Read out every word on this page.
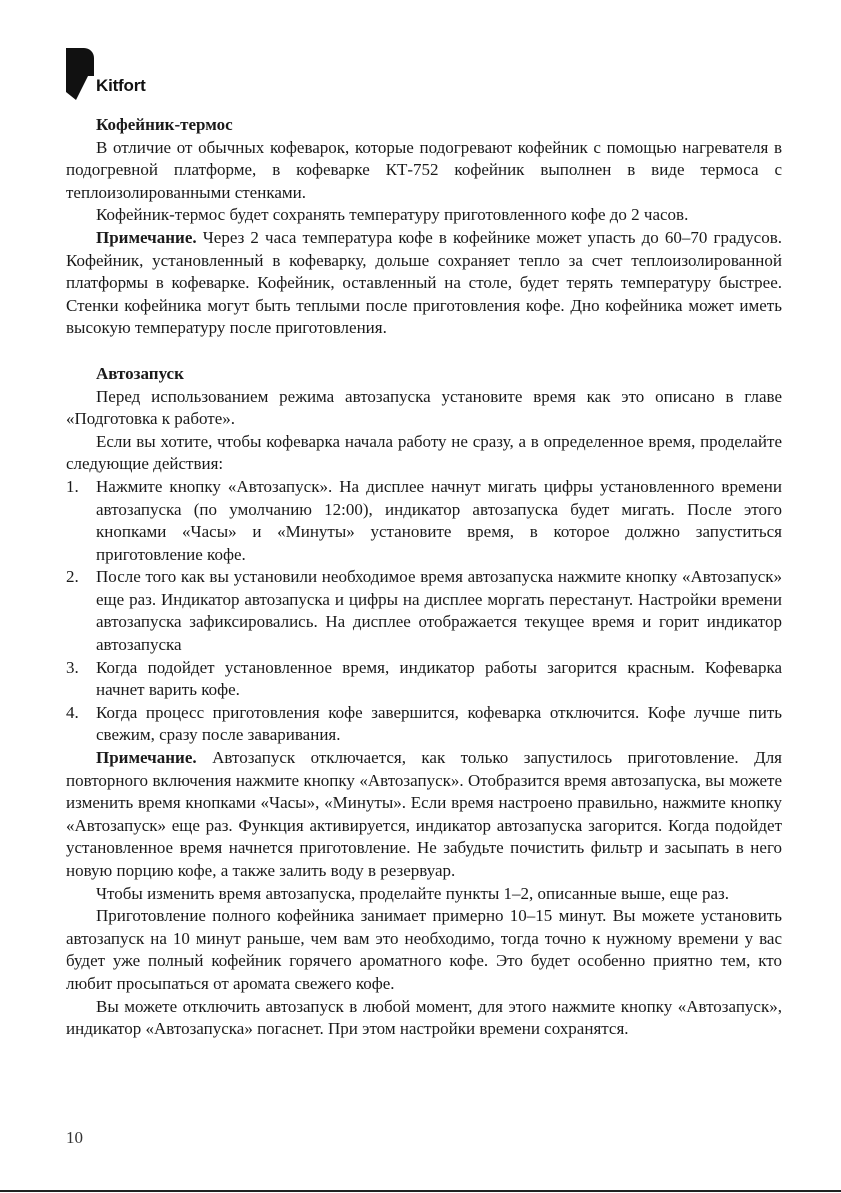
Kitfort

Кофейник-термос

В отличие от обычных кофеварок, которые подогревают кофейник с помощью нагревателя в подогревной платформе, в кофеварке КТ-752 кофейник выполнен в виде термоса с теплоизолированными стенками.

Кофейник-термос будет сохранять температуру приготовленного кофе до 2 часов.

Примечание. Через 2 часа температура кофе в кофейнике может упасть до 60–70 градусов. Кофейник, установленный в кофеварку, дольше сохраняет тепло за счет теплоизолированной платформы в кофеварке. Кофейник, оставленный на столе, будет терять температуру быстрее. Стенки кофейника могут быть теплыми после приготовления кофе. Дно кофейника может иметь высокую температуру после приготовления.

Автозапуск

Перед использованием режима автозапуска установите время как это описано в главе «Подготовка к работе».

Если вы хотите, чтобы кофеварка начала работу не сразу, а в определенное время, проделайте следующие действия:

1. Нажмите кнопку «Автозапуск». На дисплее начнут мигать цифры установленного времени автозапуска (по умолчанию 12:00), индикатор автозапуска будет мигать. После этого кнопками «Часы» и «Минуты» установите время, в которое должно запуститься приготовление кофе.
2. После того как вы установили необходимое время автозапуска нажмите кнопку «Автозапуск» еще раз. Индикатор автозапуска и цифры на дисплее моргать перестанут. Настройки времени автозапуска зафиксировались. На дисплее отображается текущее время и горит индикатор автозапуска
3. Когда подойдет установленное время, индикатор работы загорится красным. Кофеварка начнет варить кофе.
4. Когда процесс приготовления кофе завершится, кофеварка отключится. Кофе лучше пить свежим, сразу после заваривания.

Примечание. Автозапуск отключается, как только запустилось приготовление. Для повторного включения нажмите кнопку «Автозапуск». Отобразится время автозапуска, вы можете изменить время кнопками «Часы», «Минуты». Если время настроено правильно, нажмите кнопку «Автозапуск» еще раз. Функция активируется, индикатор автозапуска загорится. Когда подойдет установленное время начнется приготовление. Не забудьте почистить фильтр и засыпать в него новую порцию кофе, а также залить воду в резервуар.

Чтобы изменить время автозапуска, проделайте пункты 1–2, описанные выше, еще раз.

Приготовление полного кофейника занимает примерно 10–15 минут. Вы можете установить автозапуск на 10 минут раньше, чем вам это необходимо, тогда точно к нужному времени у вас будет уже полный кофейник горячего ароматного кофе. Это будет особенно приятно тем, кто любит просыпаться от аромата свежего кофе.

Вы можете отключить автозапуск в любой момент, для этого нажмите кнопку «Автозапуск», индикатор «Автозапуска» погаснет. При этом настройки времени сохранятся.

10
